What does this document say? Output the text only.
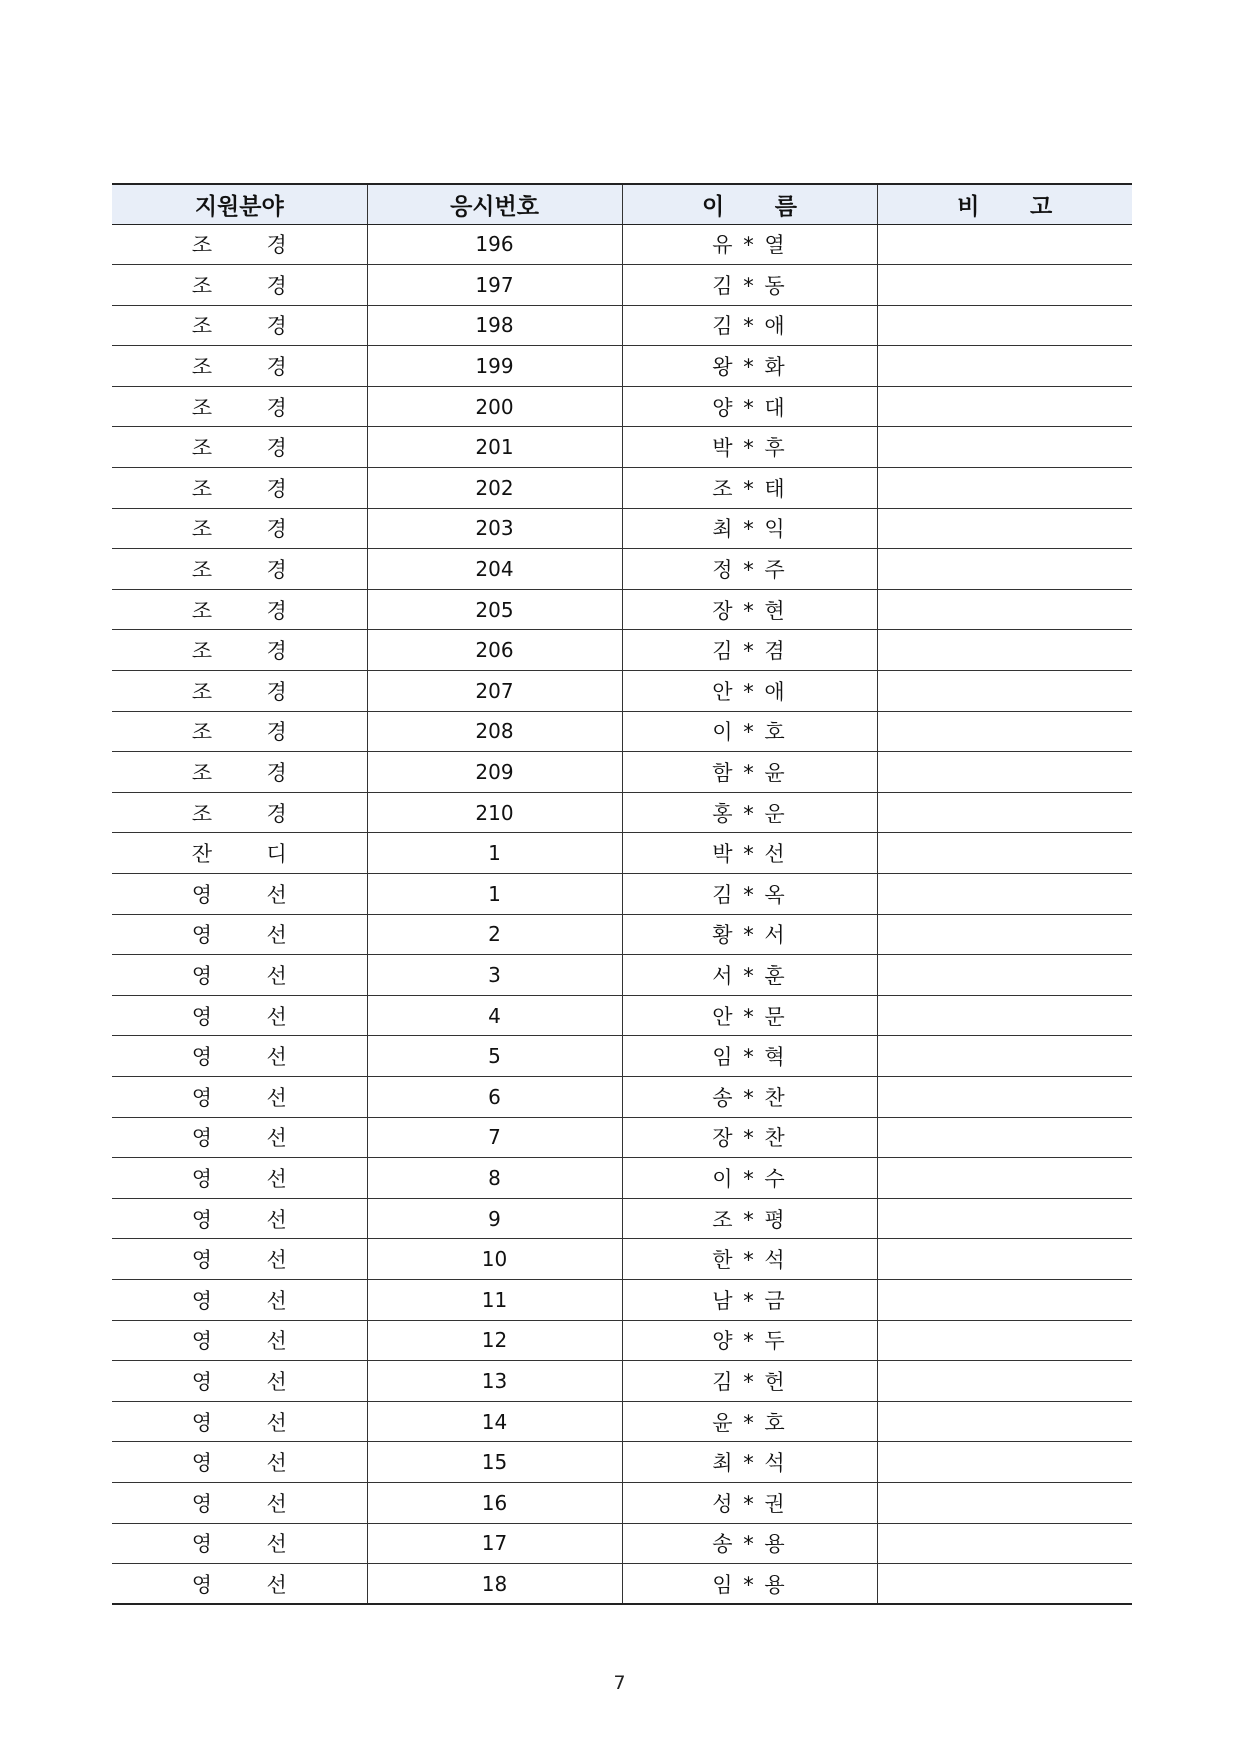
지원분야	응시번호	이 름	비 고

조 경	196	유 * 열	

조 경	197	김 * 동	

조 경	198	김 * 애	

조 경	199	왕 * 화	

조 경	200	양 * 대	

조 경	201	박 * 후	

조 경	202	조 * 태	

조 경	203	최 * 익	

조 경	204	정 * 주	

조 경	205	장 * 현	

조 경	206	김 * 겸	

조 경	207	안 * 애	

조 경	208	이 * 호	

조 경	209	함 * 윤	

조 경	210	홍 * 운	

잔 디	1	박 * 선	

영 선	1	김 * 옥	

영 선	2	황 * 서	

영 선	3	서 * 훈	

영 선	4	안 * 문	

영 선	5	임 * 혁	

영 선	6	송 * 찬	

영 선	7	장 * 찬	

영 선	8	이 * 수	

영 선	9	조 * 평	

영 선	10	한 * 석	

영 선	11	남 * 금	

영 선	12	양 * 두	

영 선	13	김 * 헌	

영 선	14	윤 * 호	

영 선	15	최 * 석	

영 선	16	성 * 권	

영 선	17	송 * 용	

영 선	18	임 * 용	
7
